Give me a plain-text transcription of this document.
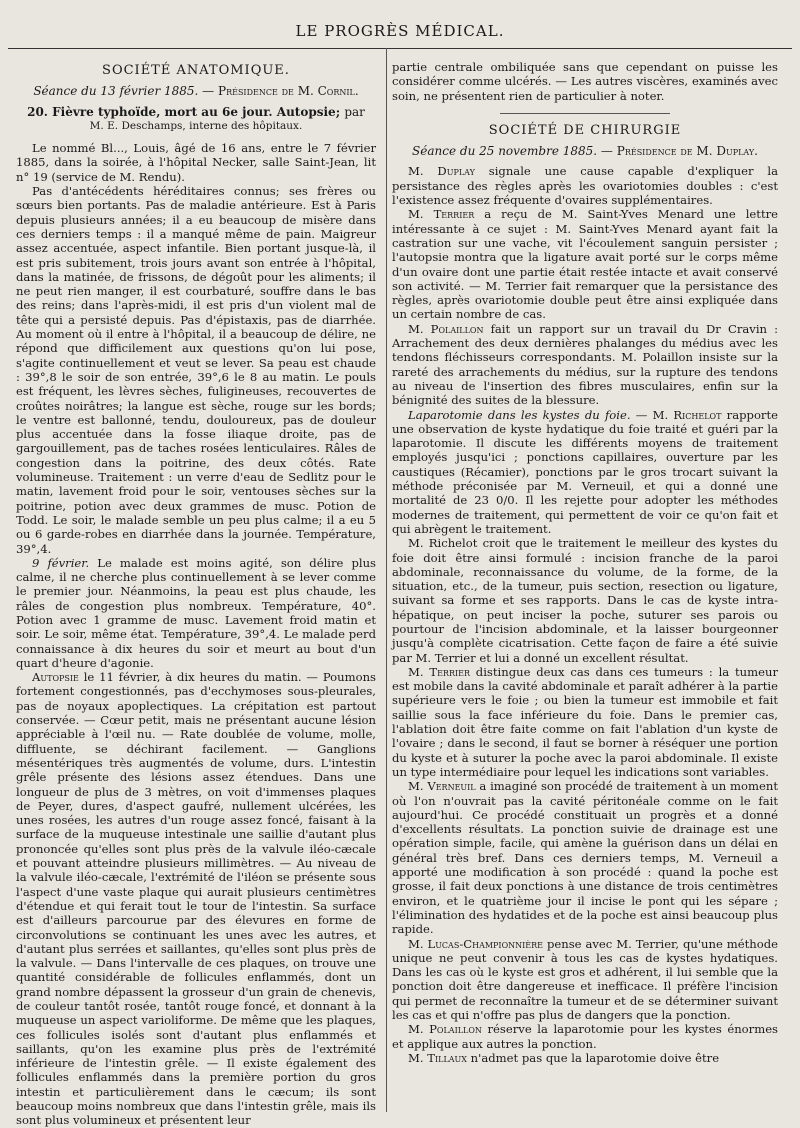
LE PROGRÈS MÉDICAL.
SOCIÉTÉ ANATOMIQUE.
Séance du 13 février 1885. — Présidence de M. Cornil.
20. Fièvre typhoïde, mort au 6e jour. Autopsie; par
M. E. Deschamps, interne des hôpitaux.

Le nommé Bl..., Louis, âgé de 16 ans, entre le 7 février 1885, dans la soirée, à l'hôpital Necker, salle Saint-Jean, lit n° 19 (service de M. Rendu).

Pas d'antécédents héréditaires connus; ses frères ou sœurs bien portants. Pas de maladie antérieure. Est à Paris depuis plusieurs années; il a eu beaucoup de misère dans ces derniers temps : il a manqué même de pain. Maigreur assez accentuée, aspect infantile. Bien portant jusque-là, il est pris subitement, trois jours avant son entrée à l'hôpital, dans la matinée, de frissons, de dégoût pour les aliments; il ne peut rien manger, il est courbaturé, souffre dans le bas des reins; dans l'après-midi, il est pris d'un violent mal de tête qui a persisté depuis. Pas d'épistaxis, pas de diarrhée. Au moment où il entre à l'hôpital, il a beaucoup de délire, ne répond que difficilement aux questions qu'on lui pose, s'agite continuellement et veut se lever. Sa peau est chaude : 39°,8 le soir de son entrée, 39°,6 le 8 au matin. Le pouls est fréquent, les lèvres sèches, fuligineuses, recouvertes de croûtes noirâtres; la langue est sèche, rouge sur les bords; le ventre est ballonné, tendu, douloureux, pas de douleur plus accentuée dans la fosse iliaque droite, pas de gargouillement, pas de taches rosées lenticulaires. Râles de congestion dans la poitrine, des deux côtés. Rate volumineuse. Traitement : un verre d'eau de Sedlitz pour le matin, lavement froid pour le soir, ventouses sèches sur la poitrine, potion avec deux grammes de musc. Potion de Todd. Le soir, le malade semble un peu plus calme; il a eu 5 ou 6 garde-robes en diarrhée dans la journée. Température, 39°,4.

9 février. Le malade est moins agité, son délire plus calme, il ne cherche plus continuellement à se lever comme le premier jour. Néanmoins, la peau est plus chaude, les râles de congestion plus nombreux. Température, 40°. Potion avec 1 gramme de musc. Lavement froid matin et soir. Le soir, même état. Température, 39°,4. Le malade perd connaissance à dix heures du soir et meurt au bout d'un quart d'heure d'agonie.

Autopsie le 11 février, à dix heures du matin. — Poumons fortement congestionnés, pas d'ecchymoses sous-pleurales, pas de noyaux apoplectiques. La crépitation est partout conservée. — Cœur petit, mais ne présentant aucune lésion appréciable à l'œil nu. — Rate doublée de volume, molle, diffluente, se déchirant facilement. — Ganglions mésentériques très augmentés de volume, durs. L'intestin grêle présente des lésions assez étendues. Dans une longueur de plus de 3 mètres, on voit d'immenses plaques de Peyer, dures, d'aspect gaufré, nullement ulcérées, les unes rosées, les autres d'un rouge assez foncé, faisant à la surface de la muqueuse intestinale une saillie d'autant plus prononcée qu'elles sont plus près de la valvule iléo-cæcale et pouvant atteindre plusieurs millimètres. — Au niveau de la valvule iléo-cæcale, l'extrémité de l'iléon se présente sous l'aspect d'une vaste plaque qui aurait plusieurs centimètres d'étendue et qui ferait tout le tour de l'intestin. Sa surface est d'ailleurs parcourue par des élevures en forme de circonvolutions se continuant les unes avec les autres, et d'autant plus serrées et saillantes, qu'elles sont plus près de la valvule. — Dans l'intervalle de ces plaques, on trouve une quantité considérable de follicules enflammés, dont un grand nombre dépassent la grosseur d'un grain de chenevis, de couleur tantôt rosée, tantôt rouge foncé, et donnant à la muqueuse un aspect varioliforme. De même que les plaques, ces follicules isolés sont d'autant plus enflammés et saillants, qu'on les examine plus près de l'extrémité inférieure de l'intestin grêle. — Il existe également des follicules enflammés dans la première portion du gros intestin et particulièrement dans le cæcum; ils sont beaucoup moins nombreux que dans l'intestin grêle, mais ils sont plus volumineux et présentent leur

partie centrale ombiliquée sans que cependant on puisse les considérer comme ulcérés. — Les autres viscères, examinés avec soin, ne présentent rien de particulier à noter.

SOCIÉTÉ DE CHIRURGIE
Séance du 25 novembre 1885. — Présidence de M. Duplay.

M. Duplay signale une cause capable d'expliquer la persistance des règles après les ovariotomies doubles : c'est l'existence assez fréquente d'ovaires supplémentaires.

M. Terrier a reçu de M. Saint-Yves Menard une lettre intéressante à ce sujet : M. Saint-Yves Menard ayant fait la castration sur une vache, vit l'écoulement sanguin persister ; l'autopsie montra que la ligature avait porté sur le corps même d'un ovaire dont une partie était restée intacte et avait conservé son activité. — M. Terrier fait remarquer que la persistance des règles, après ovariotomie double peut être ainsi expliquée dans un certain nombre de cas.

M. Polaillon fait un rapport sur un travail du Dr Cravin : Arrachement des deux dernières phalanges du médius avec les tendons fléchisseurs correspondants. M. Polaillon insiste sur la rareté des arrachements du médius, sur la rupture des tendons au niveau de l'insertion des fibres musculaires, enfin sur la bénignité des suites de la blessure.

Laparotomie dans les kystes du foie. — M. Richelot rapporte une observation de kyste hydatique du foie traité et guéri par la laparotomie. Il discute les différents moyens de traitement employés jusqu'ici ; ponctions capillaires, ouverture par les caustiques (Récamier), ponctions par le gros trocart suivant la méthode préconisée par M. Verneuil, et qui a donné une mortalité de 23 0/0. Il les rejette pour adopter les méthodes modernes de traitement, qui permettent de voir ce qu'on fait et qui abrègent le traitement.

M. Richelot croit que le traitement le meilleur des kystes du foie doit être ainsi formulé : incision franche de la paroi abdominale, reconnaissance du volume, de la forme, de la situation, etc., de la tumeur, puis section, resection ou ligature, suivant sa forme et ses rapports. Dans le cas de kyste intra-hépatique, on peut inciser la poche, suturer ses parois ou pourtour de l'incision abdominale, et la laisser bourgeonner jusqu'à complète cicatrisation. Cette façon de faire a été suivie par M. Terrier et lui a donné un excellent résultat.

M. Terrier distingue deux cas dans ces tumeurs : la tumeur est mobile dans la cavité abdominale et paraît adhérer à la partie supérieure vers le foie ; ou bien la tumeur est immobile et fait saillie sous la face inférieure du foie. Dans le premier cas, l'ablation doit être faite comme on fait l'ablation d'un kyste de l'ovaire ; dans le second, il faut se borner à réséquer une portion du kyste et à suturer la poche avec la paroi abdominale. Il existe un type intermédiaire pour lequel les indications sont variables.

M. Verneuil a imaginé son procédé de traitement à un moment où l'on n'ouvrait pas la cavité péritonéale comme on le fait aujourd'hui. Ce procédé constituait un progrès et a donné d'excellents résultats. La ponction suivie de drainage est une opération simple, facile, qui amène la guérison dans un délai en général très bref. Dans ces derniers temps, M. Verneuil a apporté une modification à son procédé : quand la poche est grosse, il fait deux ponctions à une distance de trois centimètres environ, et le quatrième jour il incise le pont qui les sépare ; l'élimination des hydatides et de la poche est ainsi beaucoup plus rapide.

M. Lucas-Championnière pense avec M. Terrier, qu'une méthode unique ne peut convenir à tous les cas de kystes hydatiques. Dans les cas où le kyste est gros et adhérent, il lui semble que la ponction doit être dangereuse et inefficace. Il préfère l'incision qui permet de reconnaître la tumeur et de se déterminer suivant les cas et qui n'offre pas plus de dangers que la ponction.

M. Polaillon réserve la laparotomie pour les kystes énormes et applique aux autres la ponction.

M. Tillaux n'admet pas que la laparotomie doive être
